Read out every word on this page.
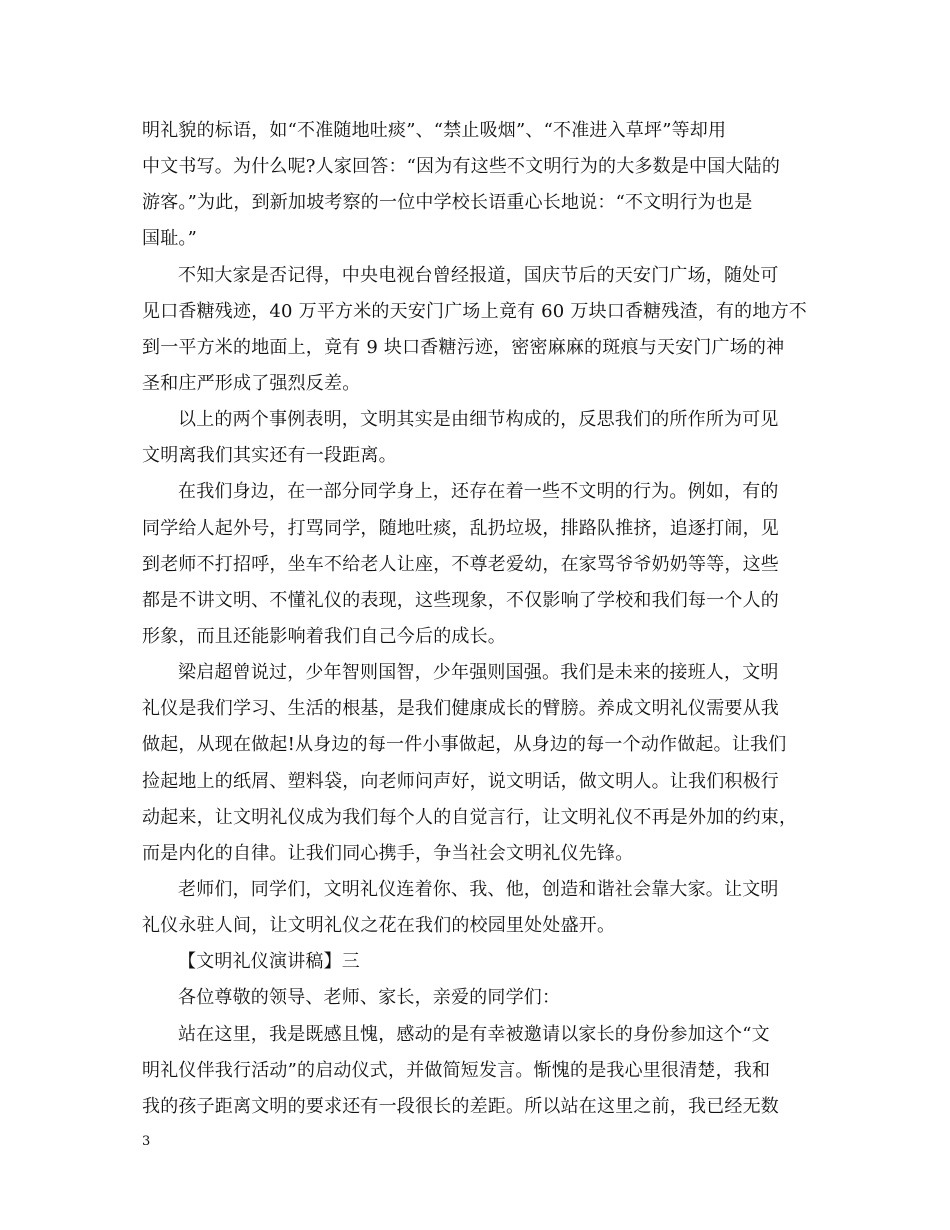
明礼貌的标语，如“不准随地吐痰”、“禁止吸烟”、“不准进入草坪”等却用
中文书写。为什么呢?人家回答：“因为有这些不文明行为的大多数是中国大陆的
游客。”为此，到新加坡考察的一位中学校长语重心长地说：“不文明行为也是
国耻。”
不知大家是否记得，中央电视台曾经报道，国庆节后的天安门广场，随处可
见口香糖残迹，40 万平方米的天安门广场上竟有 60 万块口香糖残渣，有的地方不
到一平方米的地面上，竟有 9 块口香糖污迹，密密麻麻的斑痕与天安门广场的神
圣和庄严形成了强烈反差。
以上的两个事例表明，文明其实是由细节构成的，反思我们的所作所为可见
文明离我们其实还有一段距离。
在我们身边，在一部分同学身上，还存在着一些不文明的行为。例如，有的
同学给人起外号，打骂同学，随地吐痰，乱扔垃圾，排路队推挤，追逐打闹，见
到老师不打招呼，坐车不给老人让座，不尊老爱幼，在家骂爷爷奶奶等等，这些
都是不讲文明、不懂礼仪的表现，这些现象，不仅影响了学校和我们每一个人的
形象，而且还能影响着我们自己今后的成长。
梁启超曾说过，少年智则国智，少年强则国强。我们是未来的接班人，文明
礼仪是我们学习、生活的根基，是我们健康成长的臂膀。养成文明礼仪需要从我
做起，从现在做起!从身边的每一件小事做起，从身边的每一个动作做起。让我们
捡起地上的纸屑、塑料袋，向老师问声好，说文明话，做文明人。让我们积极行
动起来，让文明礼仪成为我们每个人的自觉言行，让文明礼仪不再是外加的约束，
而是内化的自律。让我们同心携手，争当社会文明礼仪先锋。
老师们，同学们，文明礼仪连着你、我、他，创造和谐社会靠大家。让文明
礼仪永驻人间，让文明礼仪之花在我们的校园里处处盛开。
【文明礼仪演讲稿】三
各位尊敬的领导、老师、家长，亲爱的同学们：
站在这里，我是既感且愧，感动的是有幸被邀请以家长的身份参加这个“文
明礼仪伴我行活动”的启动仪式，并做简短发言。惭愧的是我心里很清楚，我和
我的孩子距离文明的要求还有一段很长的差距。所以站在这里之前，我已经无数
3
